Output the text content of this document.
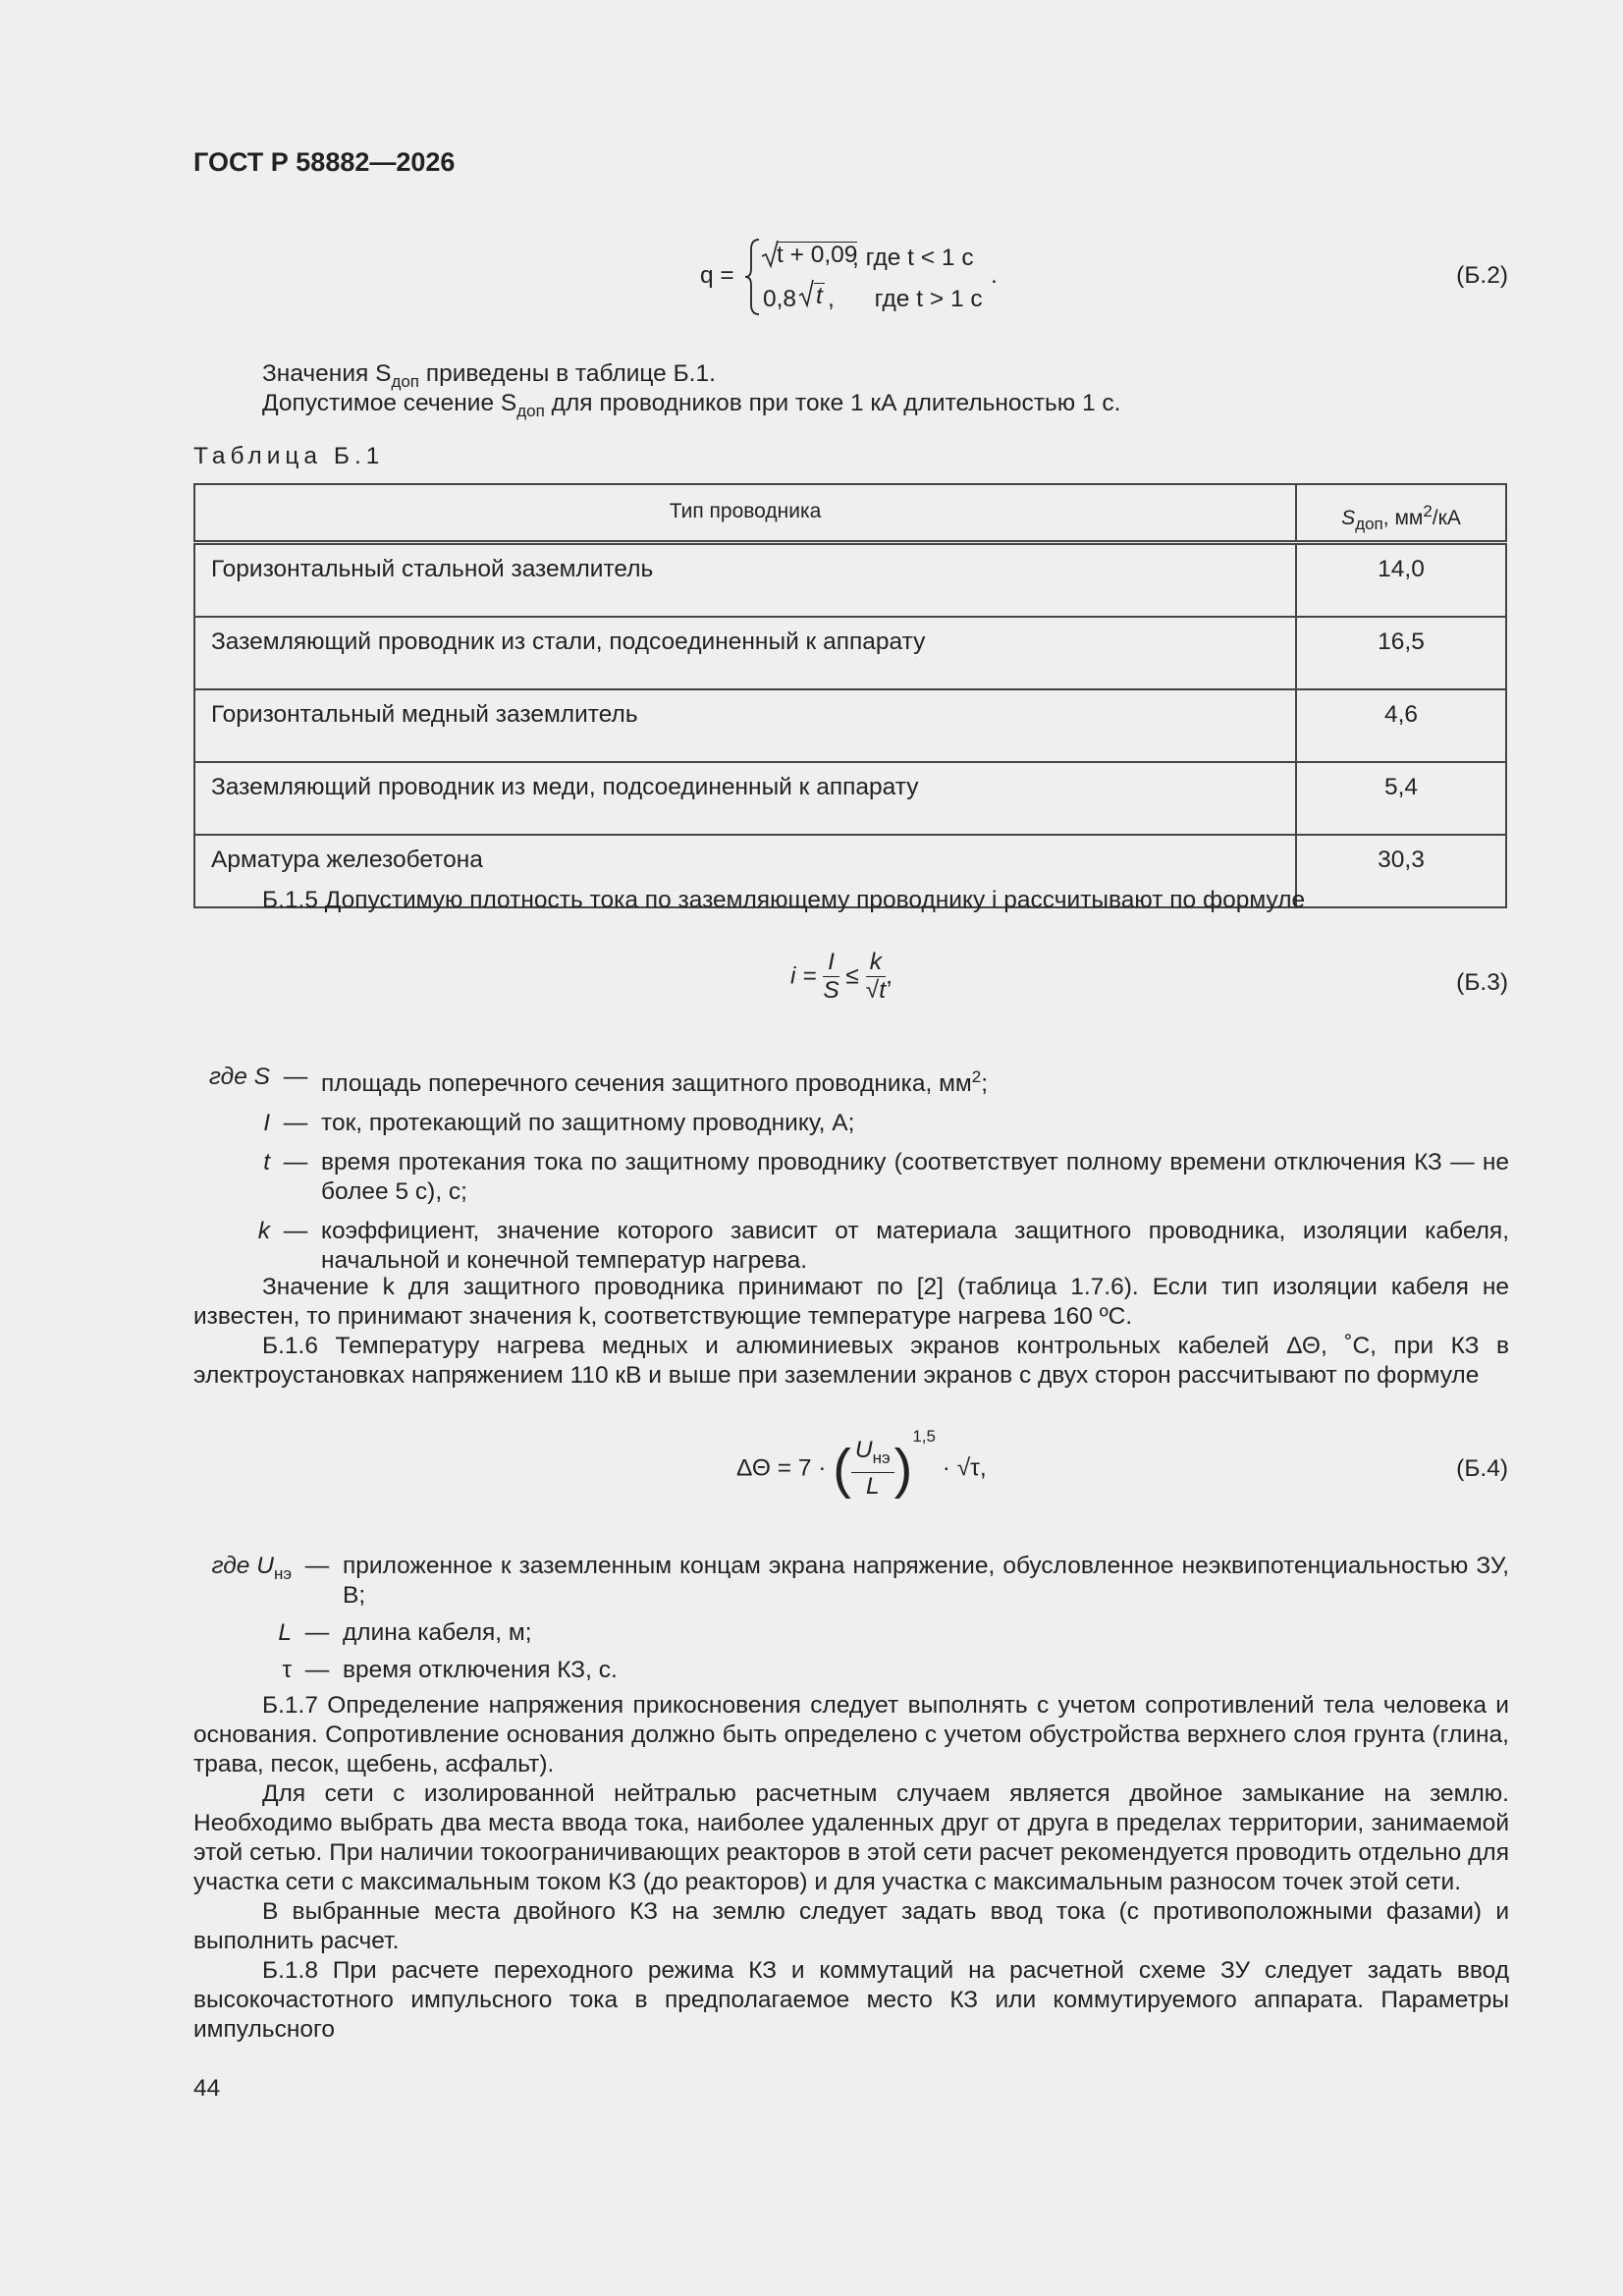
ГОСТ Р 58882—2026
q =
t + 0,09
, где t < 1 с
0,8 t ,      где t > 1 с
.	(Б.2)
Значения $S_{доп}$ приведены в таблице Б.1.
Допустимое сечение $S_{доп}$ для проводников при токе 1 кА длительностью 1 с.
Таблица Б.1
Тип проводника	$S_{доп}$, $мм^2/кА$
Горизонтальный стальной заземлитель	14,0
Заземляющий проводник из стали, подсоединенный к аппарату	16,5
Горизонтальный медный заземлитель	4,6
Заземляющий проводник из меди, подсоединенный к аппарату	5,4
Арматура железобетона	30,3
Б.1.5 Допустимую плотность тока по заземляющему проводнику i рассчитывают по формуле
$i = \frac{I}{S} \le \frac{k}{√t}$ ,	(Б.3)
где S — площадь поперечного сечения защитного проводника, $мм^2$;
I — ток, протекающий по защитному проводнику, А;
t — время протекания тока по защитному проводнику (соответствует полному времени отключения КЗ — не более 5 с), с;
k — коэффициент, значение которого зависит от материала защитного проводника, изоляции кабеля, начальной и конечной температур нагрева.
Значение k для защитного проводника принимают по [2] (таблица 1.7.6). Если тип изоляции кабеля не известен, то принимают значения k, соответствующие температуре нагрева 160 ºС.
Б.1.6 Температуру нагрева медных и алюминиевых экранов контрольных кабелей ΔΘ, ˚С, при КЗ в электроустановках напряжением 110 кВ и выше при заземлении экранов с двух сторон рассчитывают по формуле
ΔΘ = 7 · ( $\frac{U_{нэ}}{L} )^{1,5} \cdot √\tau$,	(Б.4)
где $U_{нэ}$ — приложенное к заземленным концам экрана напряжение, обусловленное неэквипотенциальностью ЗУ, В;
L — длина кабеля, м;
τ — время отключения КЗ, с.
Б.1.7 Определение напряжения прикосновения следует выполнять с учетом сопротивлений тела человека и основания. Сопротивление основания должно быть определено с учетом обустройства верхнего слоя грунта (глина, трава, песок, щебень, асфальт).
Для сети с изолированной нейтралью расчетным случаем является двойное замыкание на землю. Необходимо выбрать два места ввода тока, наиболее удаленных друг от друга в пределах территории, занимаемой этой сетью. При наличии токоограничивающих реакторов в этой сети расчет рекомендуется проводить отдельно для участка сети с максимальным током КЗ (до реакторов) и для участка с максимальным разносом точек этой сети.
В выбранные места двойного КЗ на землю следует задать ввод тока (с противоположными фазами) и выполнить расчет.
Б.1.8 При расчете переходного режима КЗ и коммутаций на расчетной схеме ЗУ следует задать ввод высокочастотного импульсного тока в предполагаемое место КЗ или коммутируемого аппарата. Параметры импульсного
44
